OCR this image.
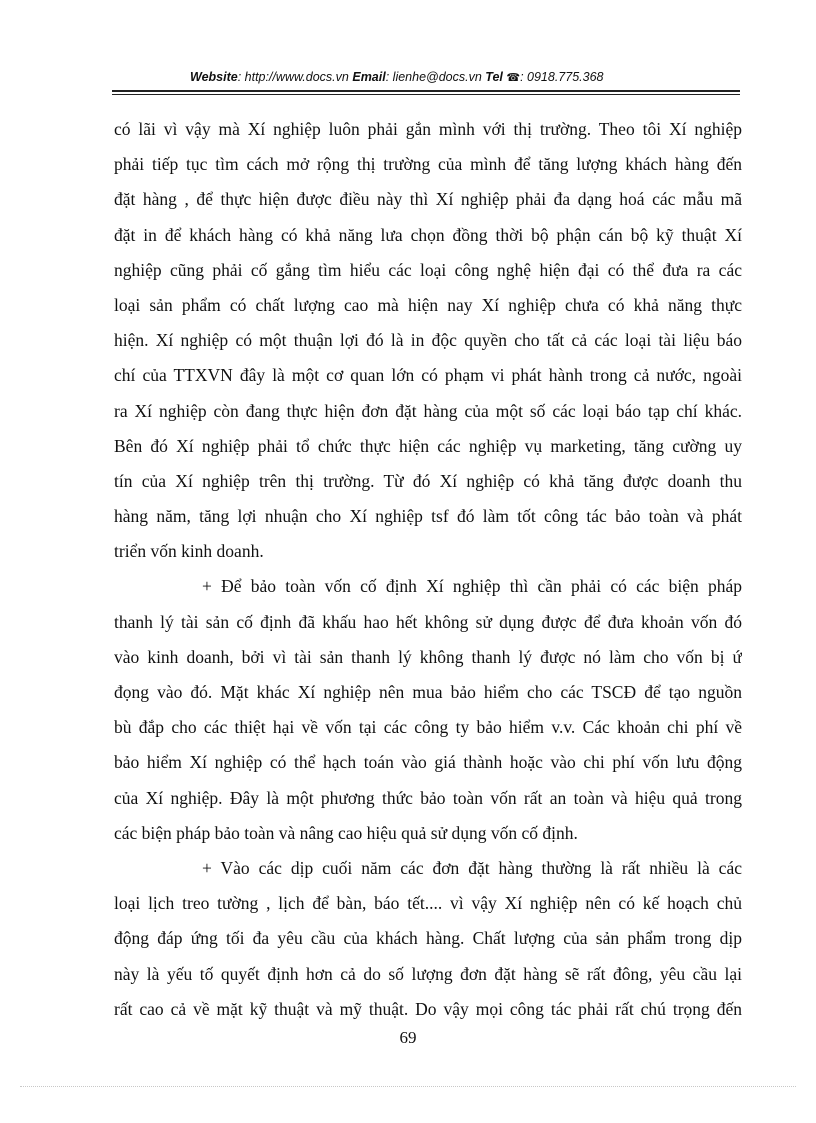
Website: http://www.docs.vn Email: lienhe@docs.vn Tel ☎: 0918.775.368
có lãi vì vậy mà Xí nghiệp luôn phải gắn mình với thị trường. Theo tôi Xí nghiệp
phải tiếp tục tìm cách mở rộng thị trường của mình để tăng lượng khách hàng đến
đặt hàng , để thực hiện được điều này thì Xí nghiệp phải đa dạng hoá các mẫu mã
đặt in để khách hàng có khả năng lưa chọn đồng thời bộ phận cán bộ kỹ thuật Xí
nghiệp cũng phải cố gắng tìm hiểu các loại công nghệ hiện đại có thể đưa ra các
loại sản phẩm có chất lượng cao mà hiện nay Xí nghiệp chưa có khả năng thực
hiện. Xí nghiệp có một thuận lợi đó là in độc quyền cho tất cả các loại tài liệu báo
chí của TTXVN đây là một cơ quan lớn có phạm vi phát hành trong cả nước, ngoài
ra Xí nghiệp còn đang thực hiện đơn đặt hàng của một số các loại báo tạp chí khác.
Bên đó Xí nghiệp phải tổ chức thực hiện các nghiệp vụ marketing, tăng cường uy
tín của Xí nghiệp trên thị trường. Từ đó Xí nghiệp có khả tăng được doanh thu
hàng năm, tăng lợi nhuận cho Xí nghiệp tsf đó làm tốt công tác bảo toàn và phát
triển vốn kinh doanh.
+ Để bảo toàn vốn cố định Xí nghiệp thì cần phải có các biện pháp
thanh lý tài sản cố định đã khấu hao hết không sử dụng được để đưa khoản vốn đó
vào kinh doanh, bởi vì tài sản thanh lý không thanh lý được nó làm cho vốn bị ứ
đọng vào đó. Mặt khác Xí nghiệp nên mua bảo hiểm cho các TSCĐ để tạo nguồn
bù đắp cho các thiệt hại về vốn tại các công ty bảo hiểm v.v. Các khoản chi phí về
bảo hiểm Xí nghiệp có thể hạch toán vào giá thành hoặc vào chi phí vốn lưu động
của Xí nghiệp. Đây là một phương thức bảo toàn vốn rất an toàn và hiệu quả trong
các biện pháp bảo toàn và nâng cao hiệu quả sử dụng vốn cố định.
+ Vào các dịp cuối năm các đơn đặt hàng thường là rất nhiều là các
loại lịch treo tường , lịch để bàn, báo tết.... vì vậy Xí nghiệp nên có kế hoạch chủ
động đáp ứng tối đa yêu cầu của khách hàng. Chất lượng của sản phẩm trong dịp
này là yếu tố quyết định hơn cả do số lượng đơn đặt hàng sẽ rất đông, yêu cầu lại
rất cao cả về mặt kỹ thuật và mỹ thuật. Do vậy mọi công tác phải rất chú trọng đến
69
